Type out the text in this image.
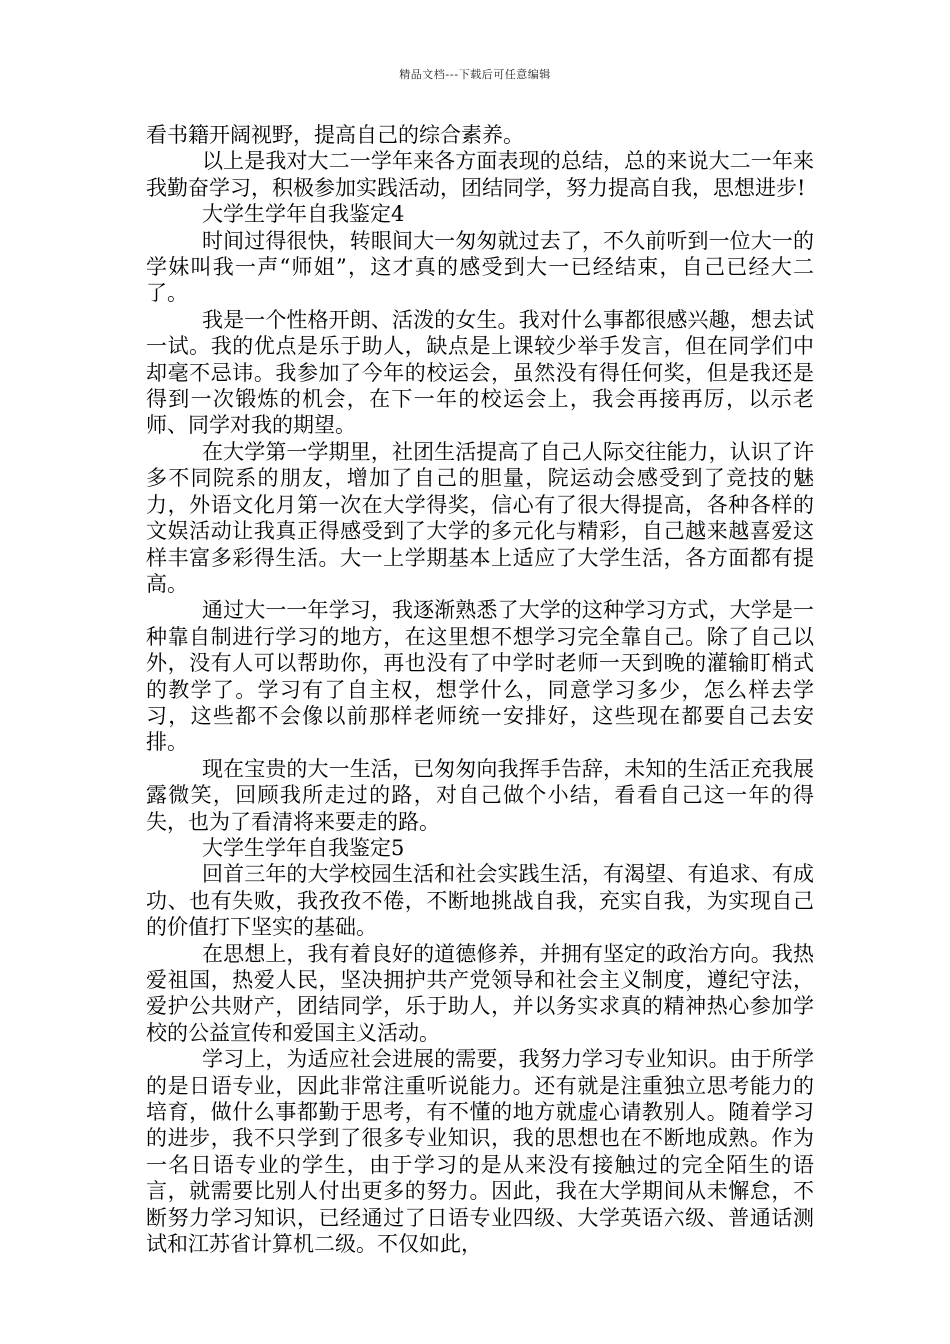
精品文档---下载后可任意编辑

看书籍开阔视野，提高自己的综合素养。

以上是我对大二一学年来各方面表现的总结，总的来说大二一年来我勤奋学习，积极参加实践活动，团结同学，努力提高自我，思想进步!

大学生学年自我鉴定4

时间过得很快，转眼间大一匆匆就过去了，不久前听到一位大一的学妹叫我一声“师姐”，这才真的感受到大一已经结束，自己已经大二了。

我是一个性格开朗、活泼的女生。我对什么事都很感兴趣，想去试一试。我的优点是乐于助人，缺点是上课较少举手发言，但在同学们中却毫不忌讳。我参加了今年的校运会，虽然没有得任何奖，但是我还是得到一次锻炼的机会，在下一年的校运会上，我会再接再厉，以示老师、同学对我的期望。

在大学第一学期里，社团生活提高了自己人际交往能力，认识了许多不同院系的朋友，增加了自己的胆量，院运动会感受到了竞技的魅力，外语文化月第一次在大学得奖，信心有了很大得提高，各种各样的文娱活动让我真正得感受到了大学的多元化与精彩，自己越来越喜爱这样丰富多彩得生活。大一上学期基本上适应了大学生活，各方面都有提高。

通过大一一年学习，我逐渐熟悉了大学的这种学习方式，大学是一种靠自制进行学习的地方，在这里想不想学习完全靠自己。除了自己以外，没有人可以帮助你，再也没有了中学时老师一天到晚的灌输盯梢式的教学了。学习有了自主权，想学什么，同意学习多少，怎么样去学习，这些都不会像以前那样老师统一安排好，这些现在都要自己去安排。

现在宝贵的大一生活，已匆匆向我挥手告辞，未知的生活正充我展露微笑，回顾我所走过的路，对自己做个小结，看看自己这一年的得失，也为了看清将来要走的路。

大学生学年自我鉴定5

回首三年的大学校园生活和社会实践生活，有渴望、有追求、有成功、也有失败，我孜孜不倦，不断地挑战自我，充实自我，为实现自己的价值打下坚实的基础。

在思想上，我有着良好的道德修养，并拥有坚定的政治方向。我热爱祖国，热爱人民，坚决拥护共产党领导和社会主义制度，遵纪守法，爱护公共财产，团结同学，乐于助人，并以务实求真的精神热心参加学校的公益宣传和爱国主义活动。

学习上，为适应社会进展的需要，我努力学习专业知识。由于所学的是日语专业，因此非常注重听说能力。还有就是注重独立思考能力的培育，做什么事都勤于思考，有不懂的地方就虚心请教别人。随着学习的进步，我不只学到了很多专业知识，我的思想也在不断地成熟。作为一名日语专业的学生，由于学习的是从来没有接触过的完全陌生的语言，就需要比别人付出更多的努力。因此，我在大学期间从未懈怠，不断努力学习知识，已经通过了日语专业四级、大学英语六级、普通话测试和江苏省计算机二级。不仅如此，
